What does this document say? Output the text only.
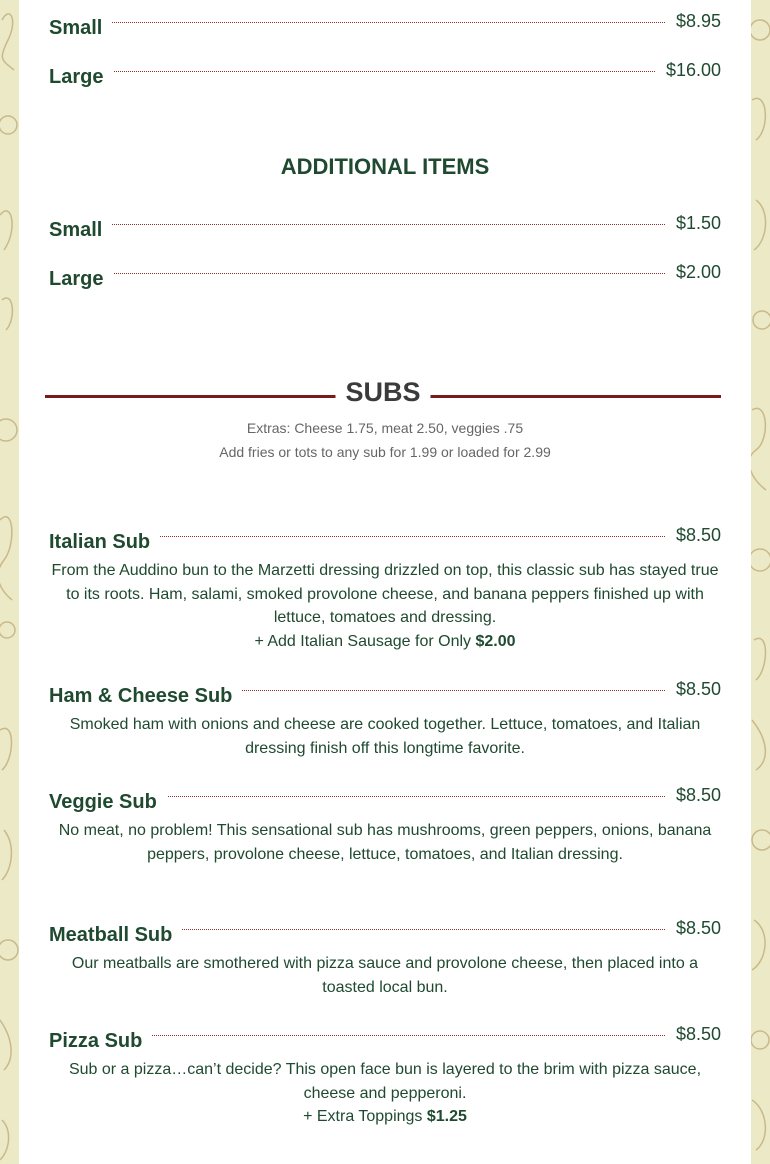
Small	$8.95
Large	$16.00
ADDITIONAL ITEMS
Small	$1.50
Large	$2.00
SUBS
Extras: Cheese 1.75, meat 2.50, veggies .75
Add fries or tots to any sub for 1.99 or loaded for 2.99
Italian Sub	$8.50
From the Auddino bun to the Marzetti dressing drizzled on top, this classic sub has stayed true to its roots. Ham, salami, smoked provolone cheese, and banana peppers finished up with lettuce, tomatoes and dressing.
+ Add Italian Sausage for Only $2.00
Ham & Cheese Sub	$8.50
Smoked ham with onions and cheese are cooked together. Lettuce, tomatoes, and Italian dressing finish off this longtime favorite.
Veggie Sub	$8.50
No meat, no problem! This sensational sub has mushrooms, green peppers, onions, banana peppers, provolone cheese, lettuce, tomatoes, and Italian dressing.
Meatball Sub	$8.50
Our meatballs are smothered with pizza sauce and provolone cheese, then placed into a toasted local bun.
Pizza Sub	$8.50
Sub or a pizza…can’t decide? This open face bun is layered to the brim with pizza sauce, cheese and pepperoni.
+ Extra Toppings $1.25
